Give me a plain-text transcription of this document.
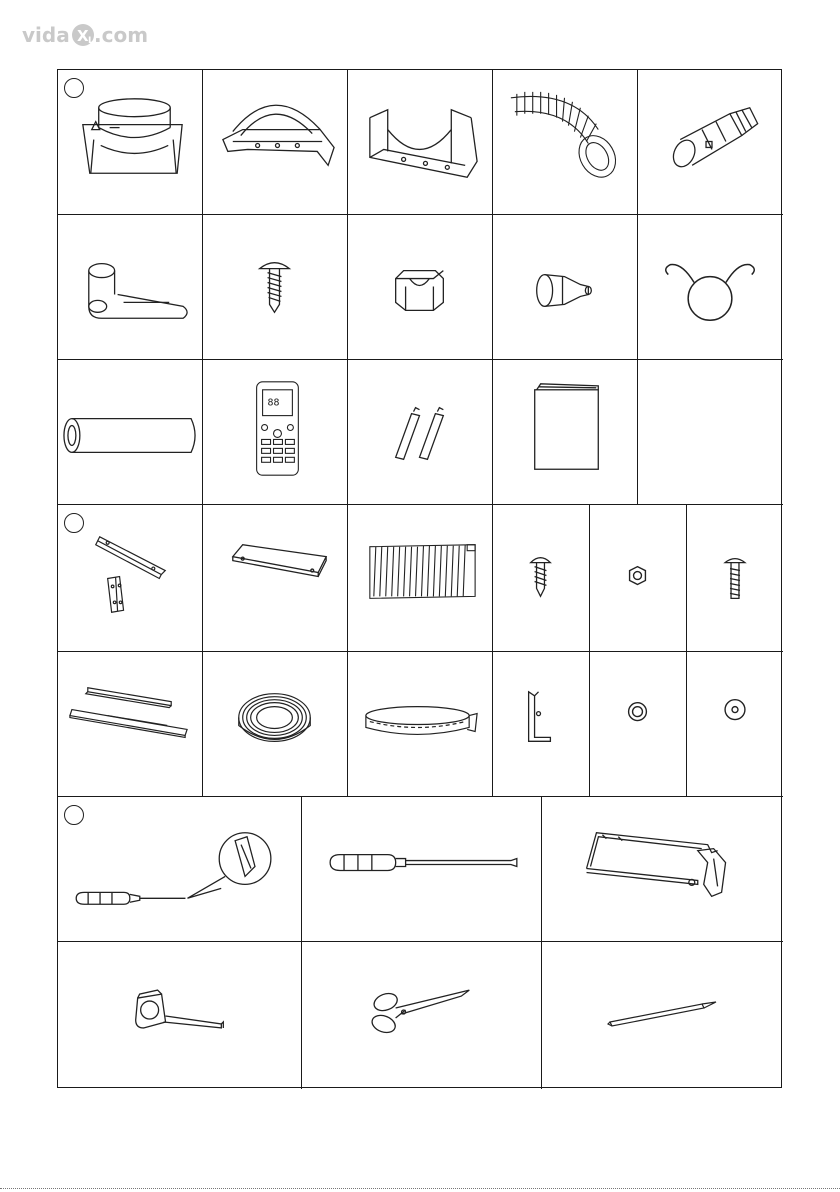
vida X L .com
88
